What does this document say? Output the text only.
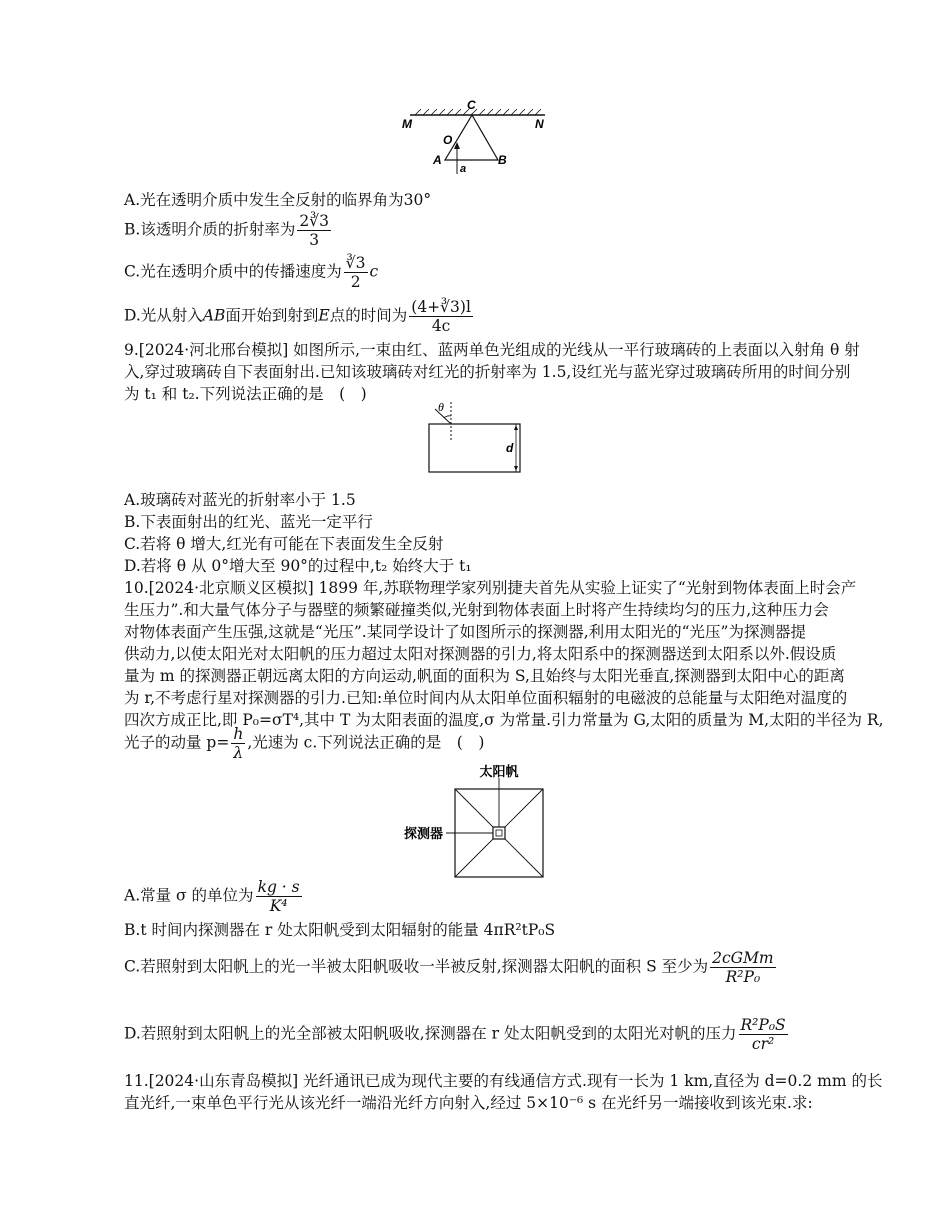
C
M	N
O
A	B
a
A.光在透明介质中发生全反射的临界角为30°
B.该透明介质的折射率为 $\frac{2∛3}{3}$
C.光在透明介质中的传播速度为 $\frac{∛3}{2}$ c
D.光从射入AB面开始到射到E点的时间为 $\frac{(4+∛3)l}{4c}$
9.[2024·河北邢台模拟] 如图所示,一束由红、蓝两单色光组成的光线从一平行玻璃砖的上表面以入射角 θ 射
入,穿过玻璃砖自下表面射出.已知该玻璃砖对红光的折射率为 1.5,设红光与蓝光穿过玻璃砖所用的时间分别
为 t₁ 和 t₂.下列说法正确的是　(　)
θ
d
A.玻璃砖对蓝光的折射率小于 1.5
B.下表面射出的红光、蓝光一定平行
C.若将 θ 增大,红光有可能在下表面发生全反射
D.若将 θ 从 0°增大至 90°的过程中,t₂ 始终大于 t₁
10.[2024·北京顺义区模拟] 1899 年,苏联物理学家列别捷夫首先从实验上证实了“光射到物体表面上时会产
生压力”.和大量气体分子与器壁的频繁碰撞类似,光射到物体表面上时将产生持续均匀的压力,这种压力会
对物体表面产生压强,这就是“光压”.某同学设计了如图所示的探测器,利用太阳光的“光压”为探测器提
供动力,以使太阳光对太阳帆的压力超过太阳对探测器的引力,将太阳系中的探测器送到太阳系以外.假设质
量为 m 的探测器正朝远离太阳的方向运动,帆面的面积为 S,且始终与太阳光垂直,探测器到太阳中心的距离
为 r,不考虑行星对探测器的引力.已知:单位时间内从太阳单位面积辐射的电磁波的总能量与太阳绝对温度的
四次方成正比,即 P₀=σT⁴,其中 T 为太阳表面的温度,σ 为常量.引力常量为 G,太阳的质量为 M,太阳的半径为 R,
光子的动量 $p= \frac{h}{\lambda}$ ,光速为 c.下列说法正确的是　(　)
太阳帆
探测器
A.常量 σ 的单位为 $\frac{kg \cdot s}{\text{K⁴}}$
B.t 时间内探测器在 r 处太阳帆受到太阳辐射的能量 4πR²tP₀S
C.若照射到太阳帆上的光一半被太阳帆吸收一半被反射,探测器太阳帆的面积 S 至少为 $\frac{\text{2cGMm}}{\text{R²P₀}}$
D.若照射到太阳帆上的光全部被太阳帆吸收,探测器在 r 处太阳帆受到的太阳光对帆的压力 $\frac{\text{R²P₀S}}{\text{cr²}}$
11.[2024·山东青岛模拟] 光纤通讯已成为现代主要的有线通信方式.现有一长为 1 km,直径为 d=0.2 mm 的长
直光纤,一束单色平行光从该光纤一端沿光纤方向射入,经过 5×10⁻⁶ s 在光纤另一端接收到该光束.求:
